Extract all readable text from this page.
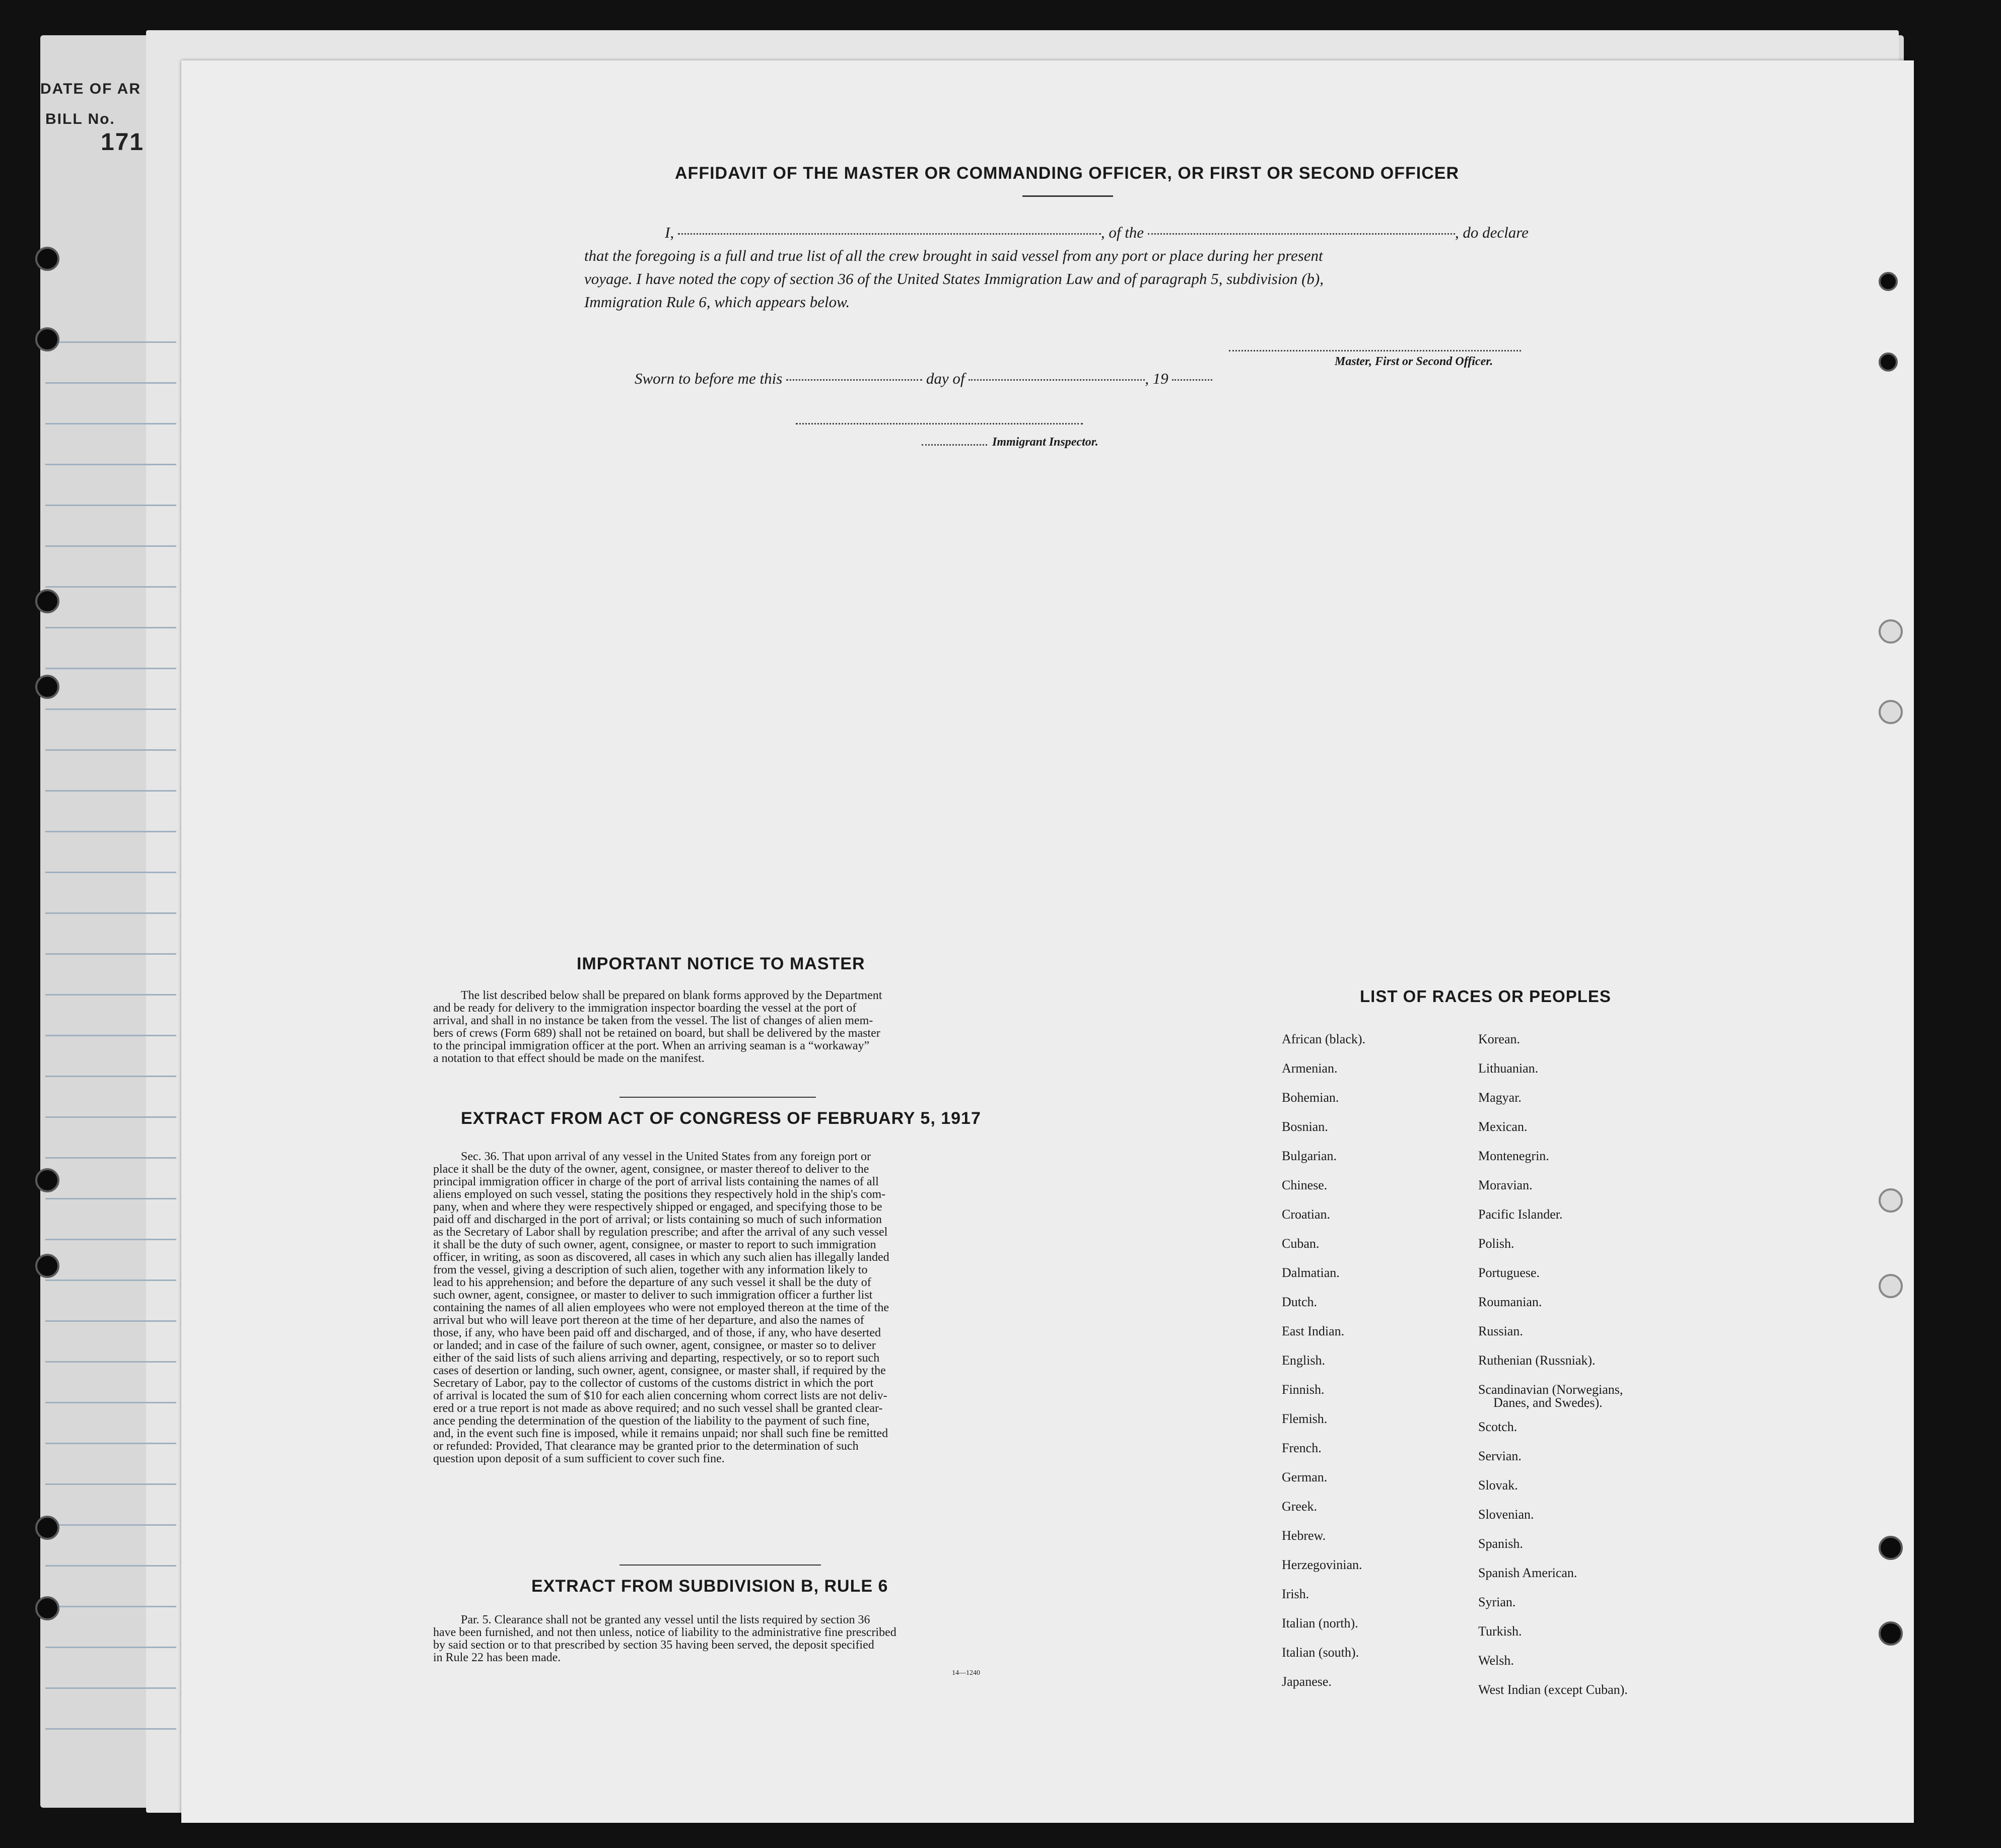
DATE OF AR
BILL No.
171
AFFIDAVIT OF THE MASTER OR COMMANDING OFFICER, OR FIRST OR SECOND OFFICER
I,	, of the	, do declare
that the foregoing is a full and true list of all the crew brought in said vessel from any port or place during her present
voyage. I have noted the copy of section 36 of the United States Immigration Law and of paragraph 5, subdivision (b),
Immigration Rule 6, which appears below.
Master, First or Second Officer.
Sworn to before me this	day of	, 19
Immigrant Inspector.
IMPORTANT NOTICE TO MASTER
The list described below shall be prepared on blank forms approved by the Department
and be ready for delivery to the immigration inspector boarding the vessel at the port of
arrival, and shall in no instance be taken from the vessel. The list of changes of alien mem-
bers of crews (Form 689) shall not be retained on board, but shall be delivered by the master
to the principal immigration officer at the port. When an arriving seaman is a “workaway”
a notation to that effect should be made on the manifest.
EXTRACT FROM ACT OF CONGRESS OF FEBRUARY 5, 1917
Sec. 36. That upon arrival of any vessel in the United States from any foreign port or
place it shall be the duty of the owner, agent, consignee, or master thereof to deliver to the
principal immigration officer in charge of the port of arrival lists containing the names of all
aliens employed on such vessel, stating the positions they respectively hold in the ship's com-
pany, when and where they were respectively shipped or engaged, and specifying those to be
paid off and discharged in the port of arrival; or lists containing so much of such information
as the Secretary of Labor shall by regulation prescribe; and after the arrival of any such vessel
it shall be the duty of such owner, agent, consignee, or master to report to such immigration
officer, in writing, as soon as discovered, all cases in which any such alien has illegally landed
from the vessel, giving a description of such alien, together with any information likely to
lead to his apprehension; and before the departure of any such vessel it shall be the duty of
such owner, agent, consignee, or master to deliver to such immigration officer a further list
containing the names of all alien employees who were not employed thereon at the time of the
arrival but who will leave port thereon at the time of her departure, and also the names of
those, if any, who have been paid off and discharged, and of those, if any, who have deserted
or landed; and in case of the failure of such owner, agent, consignee, or master so to deliver
either of the said lists of such aliens arriving and departing, respectively, or so to report such
cases of desertion or landing, such owner, agent, consignee, or master shall, if required by the
Secretary of Labor, pay to the collector of customs of the customs district in which the port
of arrival is located the sum of $10 for each alien concerning whom correct lists are not deliv-
ered or a true report is not made as above required; and no such vessel shall be granted clear-
ance pending the determination of the question of the liability to the payment of such fine,
and, in the event such fine is imposed, while it remains unpaid; nor shall such fine be remitted
or refunded: Provided, That clearance may be granted prior to the determination of such
question upon deposit of a sum sufficient to cover such fine.
EXTRACT FROM SUBDIVISION B, RULE 6
Par. 5. Clearance shall not be granted any vessel until the lists required by section 36
have been furnished, and not then unless, notice of liability to the administrative fine prescribed
by said section or to that prescribed by section 35 having been served, the deposit specified
in Rule 22 has been made.
14—1240
LIST OF RACES OR PEOPLES
African (black).
Armenian.
Bohemian.
Bosnian.
Bulgarian.
Chinese.
Croatian.
Cuban.
Dalmatian.
Dutch.
East Indian.
English.
Finnish.
Flemish.
French.
German.
Greek.
Hebrew.
Herzegovinian.
Irish.
Italian (north).
Italian (south).
Japanese.
Korean.
Lithuanian.
Magyar.
Mexican.
Montenegrin.
Moravian.
Pacific Islander.
Polish.
Portuguese.
Roumanian.
Russian.
Ruthenian (Russniak).
Scandinavian (Norwegians,
Danes, and Swedes).
Scotch.
Servian.
Slovak.
Slovenian.
Spanish.
Spanish American.
Syrian.
Turkish.
Welsh.
West Indian (except Cuban).
